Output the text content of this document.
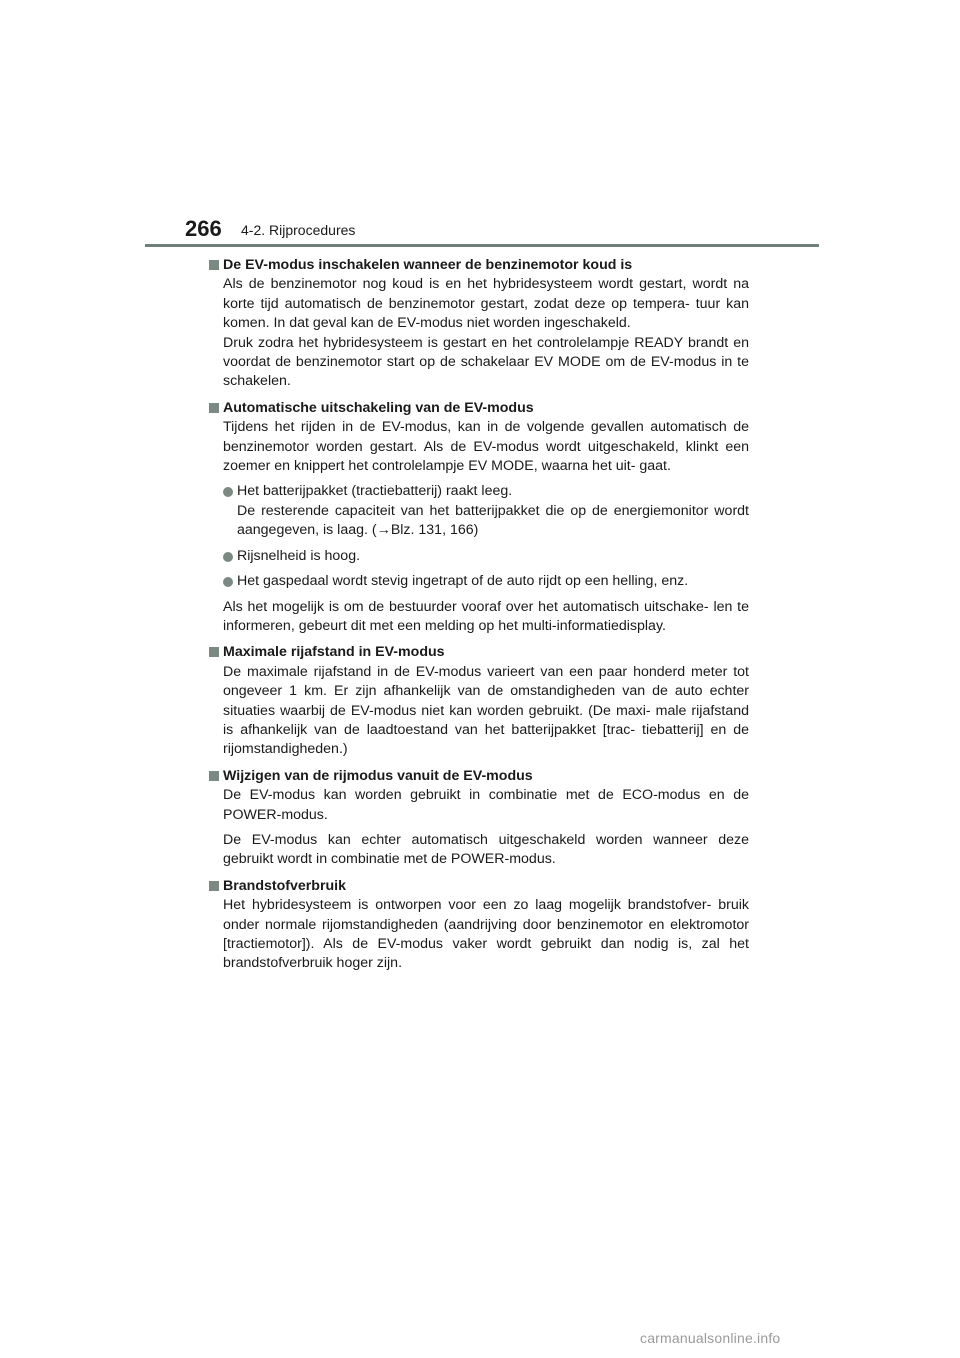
266 4-2. Rijprocedures
De EV-modus inschakelen wanneer de benzinemotor koud is

Als de benzinemotor nog koud is en het hybridesysteem wordt gestart, wordt na korte tijd automatisch de benzinemotor gestart, zodat deze op tempera- tuur kan komen. In dat geval kan de EV-modus niet worden ingeschakeld.
Druk zodra het hybridesysteem is gestart en het controlelampje READY brandt en voordat de benzinemotor start op de schakelaar EV MODE om de EV-modus in te schakelen.

Automatische uitschakeling van de EV-modus

Tijdens het rijden in de EV-modus, kan in de volgende gevallen automatisch de benzinemotor worden gestart. Als de EV-modus wordt uitgeschakeld, klinkt een zoemer en knippert het controlelampje EV MODE, waarna het uit- gaat.

Het batterijpakket (tractiebatterij) raakt leeg.
De resterende capaciteit van het batterijpakket die op de energiemonitor wordt aangegeven, is laag. (→Blz. 131, 166)
Rijsnelheid is hoog.
Het gaspedaal wordt stevig ingetrapt of de auto rijdt op een helling, enz.

Als het mogelijk is om de bestuurder vooraf over het automatisch uitschake- len te informeren, gebeurt dit met een melding op het multi-informatiedisplay.

Maximale rijafstand in EV-modus

De maximale rijafstand in de EV-modus varieert van een paar honderd meter tot ongeveer 1 km. Er zijn afhankelijk van de omstandigheden van de auto echter situaties waarbij de EV-modus niet kan worden gebruikt. (De maxi- male rijafstand is afhankelijk van de laadtoestand van het batterijpakket [trac- tiebatterij] en de rijomstandigheden.)

Wijzigen van de rijmodus vanuit de EV-modus

De EV-modus kan worden gebruikt in combinatie met de ECO-modus en de POWER-modus.

De EV-modus kan echter automatisch uitgeschakeld worden wanneer deze gebruikt wordt in combinatie met de POWER-modus.

Brandstofverbruik

Het hybridesysteem is ontworpen voor een zo laag mogelijk brandstofver- bruik onder normale rijomstandigheden (aandrijving door benzinemotor en elektromotor [tractiemotor]). Als de EV-modus vaker wordt gebruikt dan nodig is, zal het brandstofverbruik hoger zijn.

carmanualsonline.info
